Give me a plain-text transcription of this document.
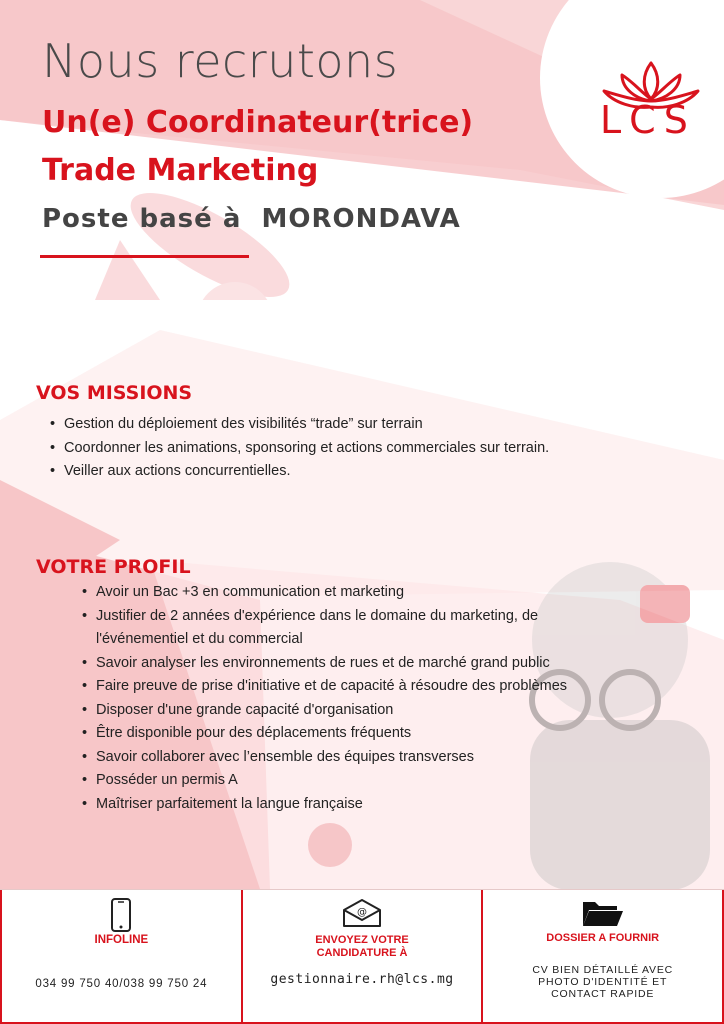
Nous recrutons
Un(e) Coordinateur(trice)
Trade Marketing
Poste basé à  MORONDAVA
LCS
VOS MISSIONS
• Gestion du déploiement des visibilités “trade” sur terrain
• Coordonner les animations, sponsoring et actions commerciales sur terrain.
• Veiller aux actions concurrentielles.
VOTRE PROFIL
• Avoir un Bac +3 en communication et marketing
• Justifier de 2 années d'expérience dans le domaine du marketing, de l'événementiel et du commercial
• Savoir analyser les environnements de rues et de marché grand public
• Faire preuve de prise d'initiative et de capacité à résoudre des problèmes
• Disposer d'une grande capacité d'organisation
• Être disponible pour des déplacements fréquents
• Savoir collaborer avec l’ensemble des équipes transverses
• Posséder un permis A
• Maîtriser parfaitement la langue française
INFOLINE
034 99 750 40/038 99 750 24
@
ENVOYEZ VOTRE
CANDIDATURE À
gestionnaire.rh@lcs.mg
DOSSIER A FOURNIR
CV BIEN DÉTAILLÉ AVEC
PHOTO D'IDENTITÉ ET
CONTACT RAPIDE
